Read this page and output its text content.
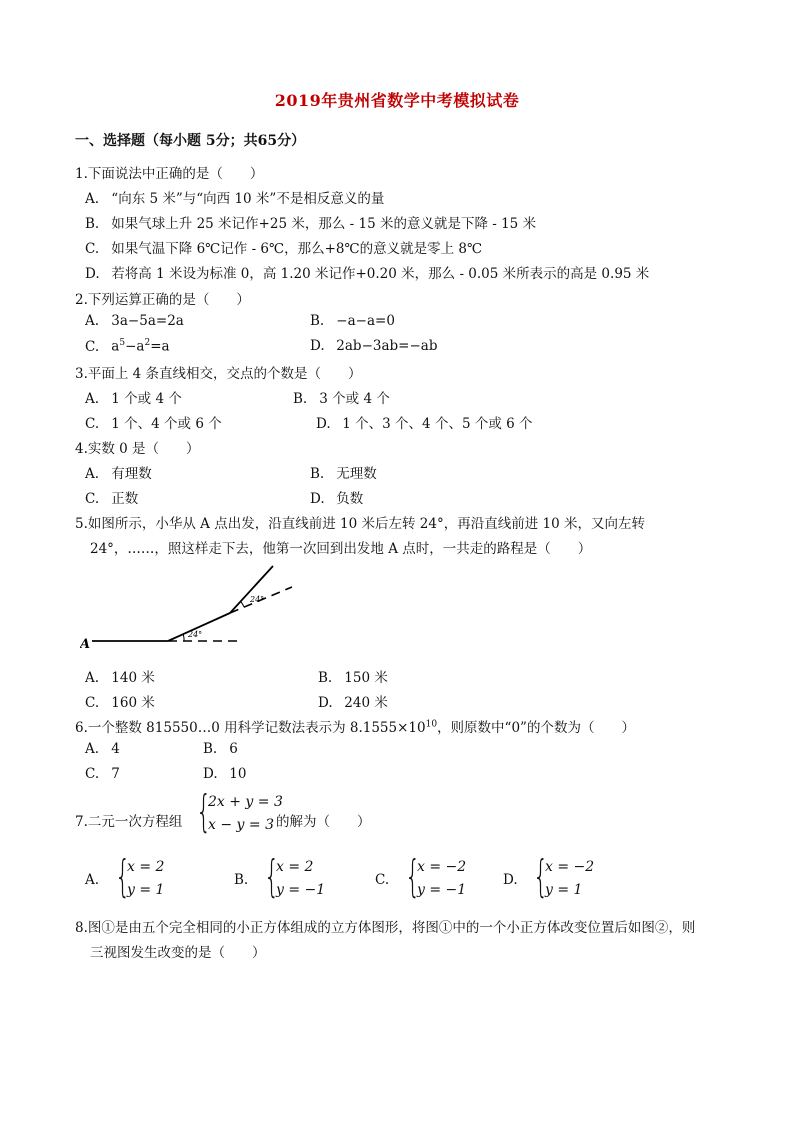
2019年贵州省数学中考模拟试卷
一、选择题（每小题 5分；共65分）
1.下面说法中正确的是（　　）
A. “向东 5 米”与“向西 10 米”不是相反意义的量
B. 如果气球上升 25 米记作+25 米，那么 - 15 米的意义就是下降 - 15 米
C. 如果气温下降 6℃记作 - 6℃，那么+8℃的意义就是零上 8℃
D. 若将高 1 米设为标准 0，高 1.20 米记作+0.20 米，那么 - 0.05 米所表示的高是 0.95 米
2.下列运算正确的是（　　）
A. 3a−5a=2a	B. −a−a=0
C. $a^5-a^2=a$	D. 2ab−3ab=−ab
3.平面上 4 条直线相交，交点的个数是（　　）
A. 1 个或 4 个	B. 3 个或 4 个
C. 1 个、4 个或 6 个	D. 1 个、3 个、4 个、5 个或 6 个
4.实数 0 是（　　）
A. 有理数	B. 无理数
C. 正数	D. 负数
5.如图所示，小华从 A 点出发，沿直线前进 10 米后左转 24°，再沿直线前进 10 米，又向左转
24°，……，照这样走下去，他第一次回到出发地 A 点时，一共走的路程是（　　）
A
24°
24°
A. 140 米	B. 150 米
C. 160 米	D. 240 米
6.一个整数 815550…0 用科学记数法表示为 $8.1555\times 10^{10}$，则原数中“0”的个数为（　　）
A. 4	B. 6
C. 7	D. 10
7.二元一次方程组 {
2x + y = 3
x − y = 3 的解为（　　）
A. {
x = 2
y = 1
B. {
x = 2
y = −1
C. {
x = −2
y = −1
D. {
x = −2
y = 1
8.图①是由五个完全相同的小正方体组成的立方体图形，将图①中的一个小正方体改变位置后如图②，则
三视图发生改变的是（　　）
